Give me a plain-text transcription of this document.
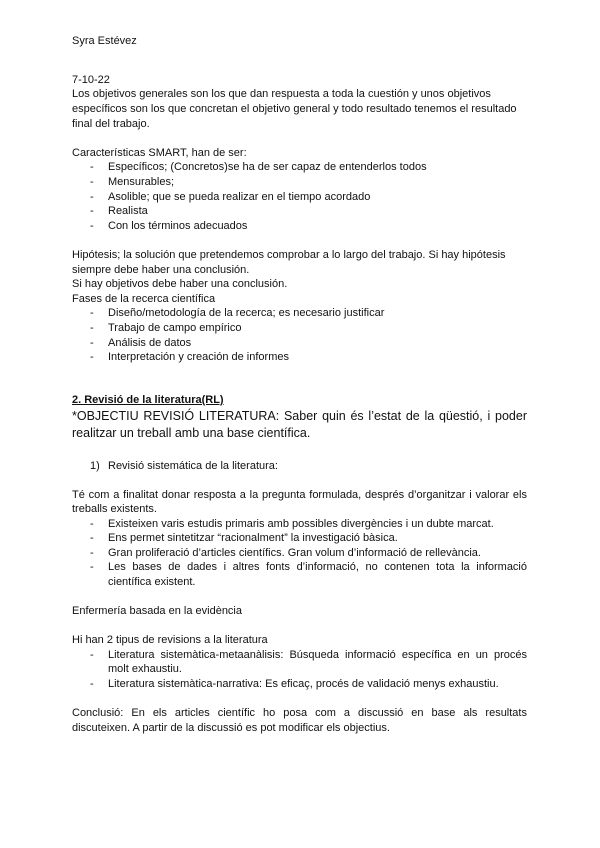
Syra Estévez
7-10-22
Los objetivos generales son los que dan respuesta a toda la cuestión y unos objetivos
específicos son los que concretan el objetivo general y todo resultado tenemos el resultado
final del trabajo.
Características SMART, han de ser:
- Específicos; (Concretos)se ha de ser capaz de entenderlos todos
- Mensurables;
- Asolible; que se pueda realizar en el tiempo acordado
- Realista
- Con los términos adecuados
Hipótesis; la solución que pretendemos comprobar a lo largo del trabajo. Si hay hipótesis
siempre debe haber una conclusión.
Si hay objetivos debe haber una conclusión.
Fases de la recerca científica
- Diseño/metodología de la recerca; es necesario justificar
- Trabajo de campo empírico
- Análisis de datos
- Interpretación y creación de informes
2. Revisió de la literatura(RL)
*OBJECTIU REVISIÓ LITERATURA: Saber quin és l’estat de la qüestió, i poder
realitzar un treball amb una base científica.
1) Revisió sistemática de la literatura:
Té com a finalitat donar resposta a la pregunta formulada, després d’organitzar i valorar els
treballs existents.
- Existeixen varis estudis primaris amb possibles divergències i un dubte marcat.
- Ens permet sintetitzar “racionalment” la investigació bàsica.
- Gran proliferació d’articles científics. Gran volum d’informació de rellevància.
- Les bases de dades i altres fonts d’informació, no contenen tota la informació
científica existent.
Enfermería basada en la evidència
Hi han 2 tipus de revisions a la literatura
- Literatura sistemàtica-metaanàlisis: Búsqueda informació específica en un procés
molt exhaustiu.
- Literatura sistemàtica-narrativa: Es eficaç, procés de validació menys exhaustiu.
Conclusió: En els articles científic ho posa com a discussió en base als resultats
discuteixen. A partir de la discussió es pot modificar els objectius.
